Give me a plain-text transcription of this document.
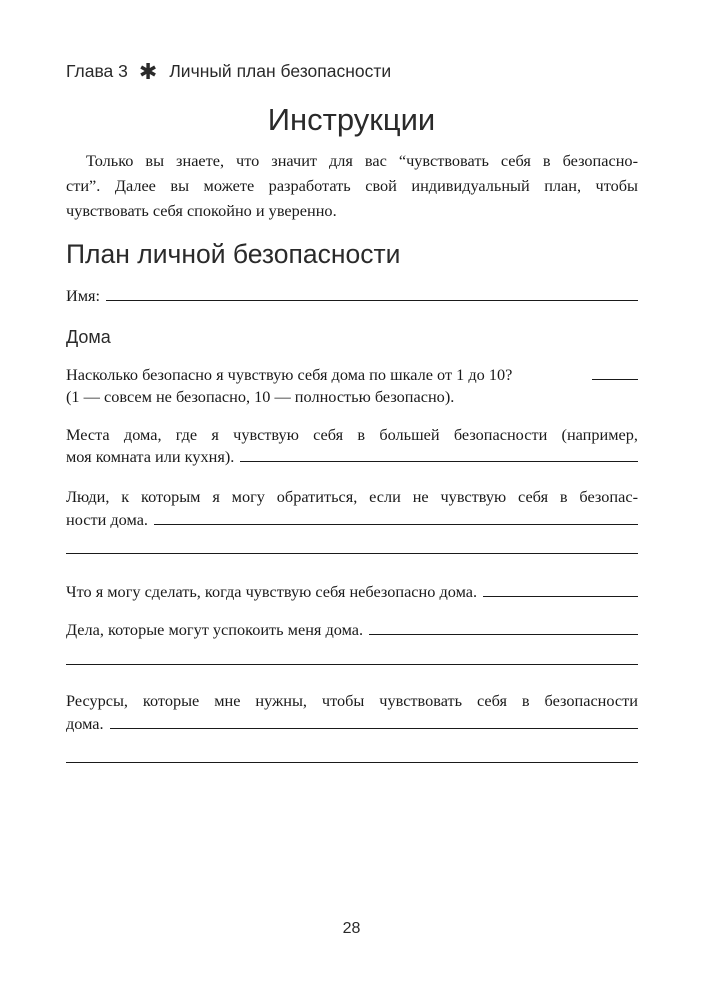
Глава 3 ✱ Личный план безопасности
Инструкции

Только вы знаете, что значит для вас “чувствовать себя в безопасно-
сти”. Далее вы можете разработать свой индивидуальный план, чтобы
чувствовать себя спокойно и уверенно.

План личной безопасности
Имя:
Дома
Насколько безопасно я чувствую себя дома по шкале от 1 до 10?
(1 — совсем не безопасно, 10 — полностью безопасно).
Места дома, где я чувствую себя в большей безопасности (например,
моя комната или кухня).
Люди, к которым я могу обратиться, если не чувствую себя в безопас-
ности дома.
Что я могу сделать, когда чувствую себя небезопасно дома.
Дела, которые могут успокоить меня дома.
Ресурсы, которые мне нужны, чтобы чувствовать себя в безопасности
дома.
28
